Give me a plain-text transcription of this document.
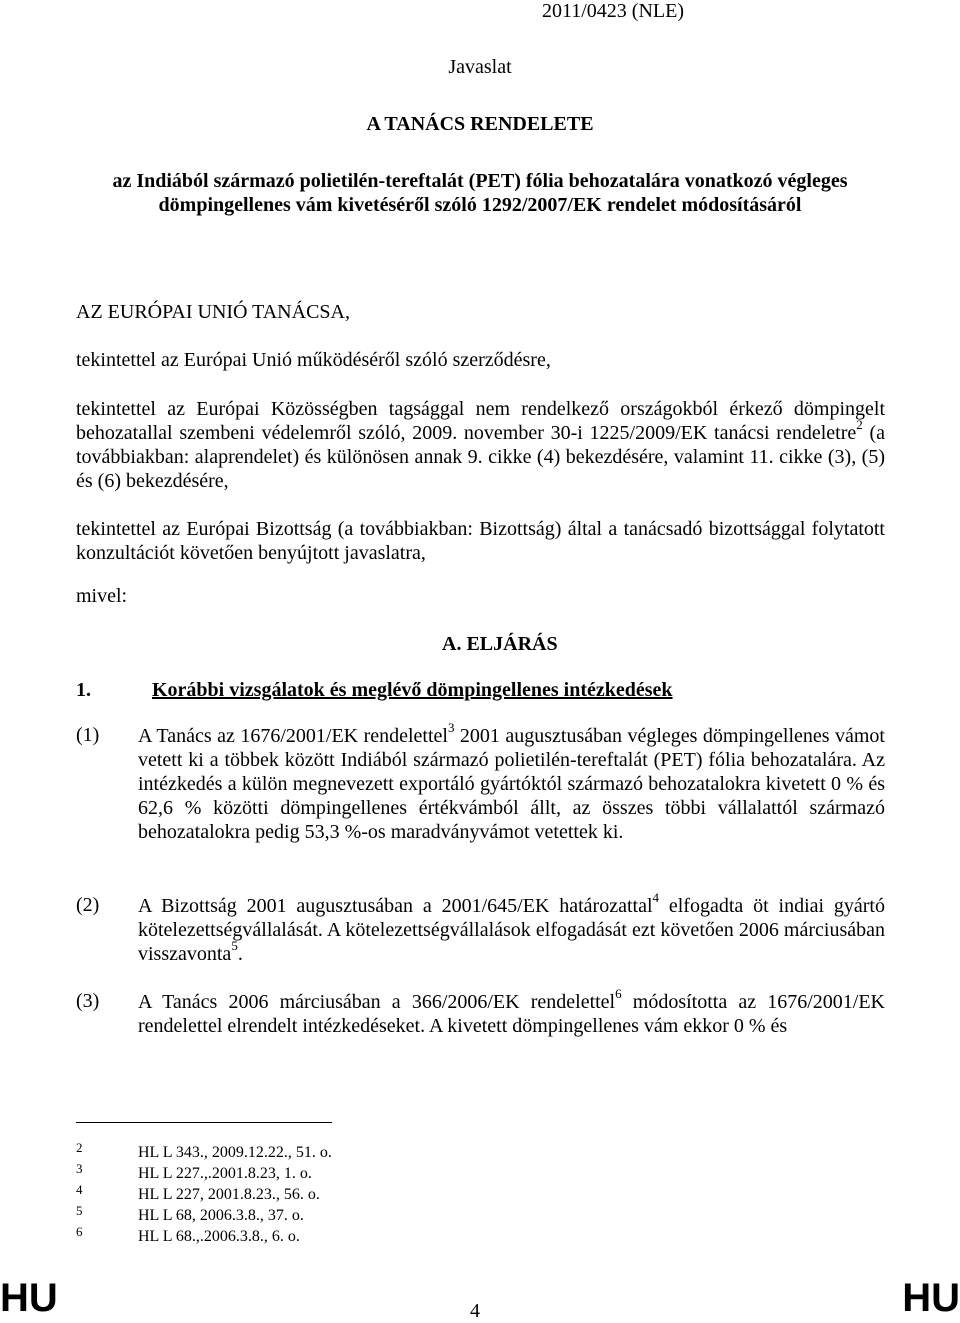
2011/0423 (NLE)
Javaslat
A TANÁCS RENDELETE
az Indiából származó polietilén-tereftalát (PET) fólia behozatalára vonatkozó végleges
dömpingellenes vám kivetéséről szóló 1292/2007/EK rendelet módosításáról
AZ EURÓPAI UNIÓ TANÁCSA,
tekintettel az Európai Unió működéséről szóló szerződésre,
tekintettel az Európai Közösségben tagsággal nem rendelkező országokból érkező dömpingelt behozatallal szembeni védelemről szóló, 2009. november 30-i 1225/2009/EK tanácsi rendeletre$^2$ (a továbbiakban: alaprendelet) és különösen annak 9. cikke (4) bekezdésére, valamint 11. cikke (3), (5) és (6) bekezdésére,
tekintettel az Európai Bizottság (a továbbiakban: Bizottság) által a tanácsadó bizottsággal folytatott konzultációt követően benyújtott javaslatra,
mivel:
A. ELJÁRÁS
1.	Korábbi vizsgálatok és meglévő dömpingellenes intézkedések
(1) A Tanács az 1676/2001/EK rendelettel$^3$ 2001 augusztusában végleges dömpingellenes vámot vetett ki a többek között Indiából származó polietilén-tereftalát (PET) fólia behozatalára. Az intézkedés a külön megnevezett exportáló gyártóktól származó behozatalokra kivetett 0 % és 62,6 % közötti dömpingellenes értékvámból állt, az összes többi vállalattól származó behozatalokra pedig 53,3 %-os maradványvámot vetettek ki.
(2) A Bizottság 2001 augusztusában a 2001/645/EK határozattal$^4$ elfogadta öt indiai gyártó kötelezettségvállalását. A kötelezettségvállalások elfogadását ezt követően 2006 márciusában visszavonta$^5$.
(3) A Tanács 2006 márciusában a 366/2006/EK rendelettel$^6$ módosította az 1676/2001/EK rendelettel elrendelt intézkedéseket. A kivetett dömpingellenes vám ekkor 0 % és
2	HL L 343., 2009.12.22., 51. o.
3	HL L 227.,.2001.8.23, 1. o.
4	HL L 227, 2001.8.23., 56. o.
5	HL L 68, 2006.3.8., 37. o.
6	HL L 68.,.2006.3.8., 6. o.
HU	4	HU
